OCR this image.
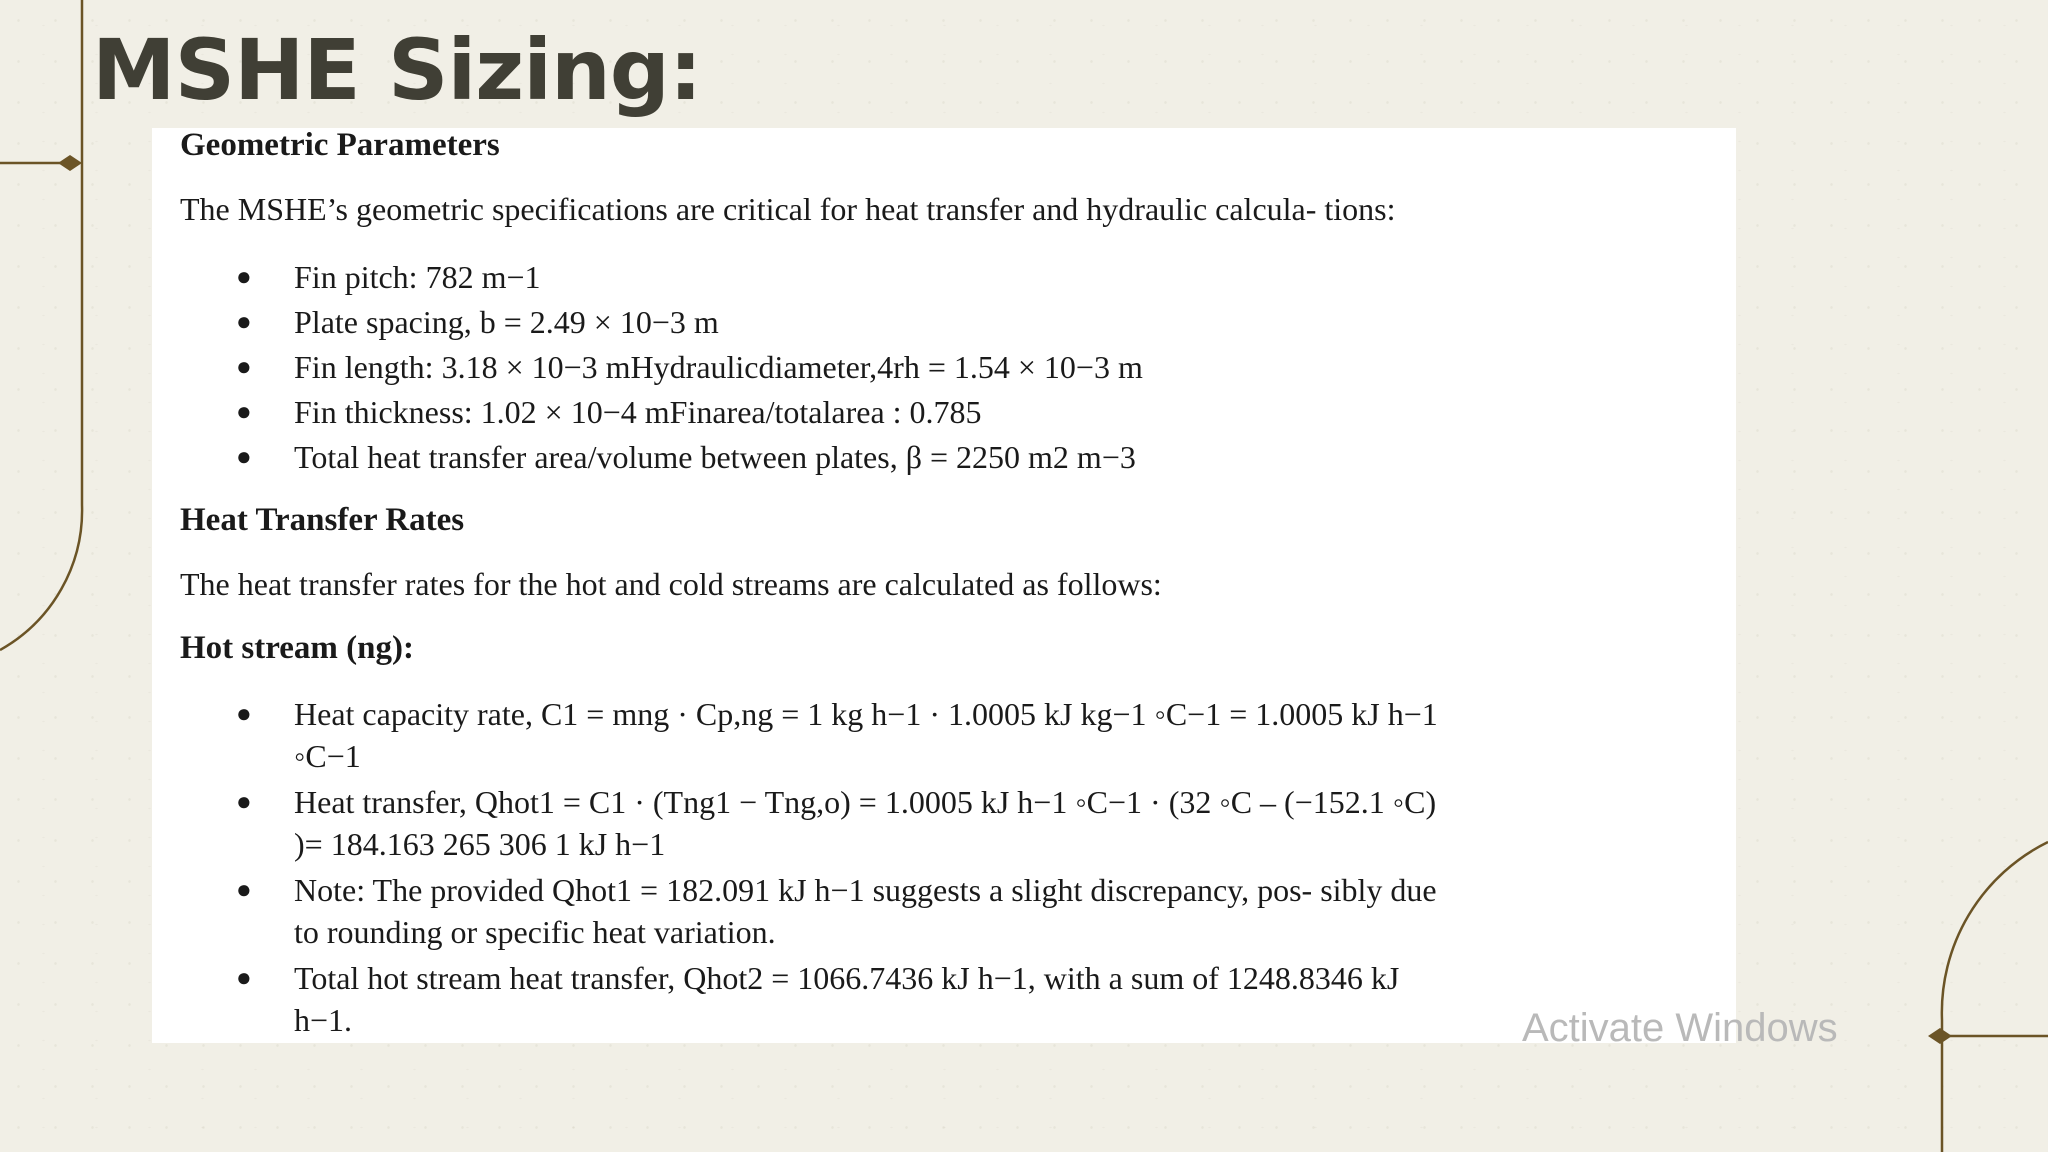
MSHE Sizing:

Geometric Parameters

The MSHE’s geometric specifications are critical for heat transfer and hydraulic calcula- tions:

● Fin pitch: 782 m−1
● Plate spacing, b = 2.49 × 10−3 m
● Fin length: 3.18 × 10−3 mHydraulicdiameter,4rh = 1.54 × 10−3 m
● Fin thickness: 1.02 × 10−4 mFinarea/totalarea : 0.785
● Total heat transfer area/volume between plates, β = 2250 m2 m−3

Heat Transfer Rates

The heat transfer rates for the hot and cold streams are calculated as follows:

Hot stream (ng):

● Heat capacity rate, C1 = mng · Cp,ng = 1 kg h−1 · 1.0005 kJ kg−1 ◦C−1 = 1.0005 kJ h−1
◦C−1
● Heat transfer, Qhot1 = C1 · (Tng1 − Tng,o) = 1.0005 kJ h−1 ◦C−1 · (32 ◦C – (−152.1 ◦C)
)= 184.163 265 306 1 kJ h−1
● Note: The provided Qhot1 = 182.091 kJ h−1 suggests a slight discrepancy, pos- sibly due
to rounding or specific heat variation.
● Total hot stream heat transfer, Qhot2 = 1066.7436 kJ h−1, with a sum of 1248.8346 kJ
h−1.	Activate Windows
